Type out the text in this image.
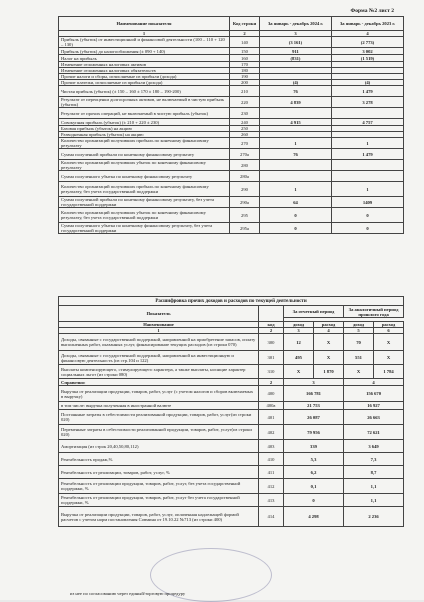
Форма №2 лист 2
Наименование показателя	Код строки	За январь - декабрь 2024 г.	За январь - декабрь 2023 г.
1	2	3	4
Прибыль (убыток) от инвестиционной и финансовой деятельности (100 – 110 + 120 – 130)	140	(3 161)	(2 773)
Прибыль (убыток) до налогообложения (± 090 + 140)	150	911	3 002
Налог на прибыль	160	(831)	(1 519)
Изменение отложенных налоговых активов	170		
Изменение отложенных налоговых обязательств	180		
Прочие налоги и сборы, исчисляемые из прибыли (дохода)	190		
Прочие платежи, исчисляемые из прибыли (дохода)	200	(4)	(4)
Чистая прибыль (убыток) (± 150 – 160 ± 170 ± 180 – 190-200)	210	76	1 479
Результат от переоценки долгосрочных активов, не включаемый в чистую прибыль (убыток)	220	4 839	3 278
Результат от прочих операций, не включаемый в чистую прибыль (убыток)	230		
Совокупная прибыль (убыток) (± 210 + 220 ± 230)	240	4 915	4 757
Базовая прибыль (убыток) на акцию	250		
Разводненная прибыль (убыток) на акцию	260		
Количество организаций получивших прибыль по конечному финансовому результату	270	1	1
Сумма полученной прибыли по конечному финансовому результату	270а	76	1 479
Количество организаций получивших убыток по конечному финансовому результату	280		
Сумма полученного убытка по конечному финансовому результату	280а		
Количество организаций получивших прибыль по конечному финансовому результату, без учета государственной поддержки	290	1	1
Сумма полученной прибыли по конечному финансовому результату, без учета государственной поддержки	290а	64	1409
Количество организаций получивших убыток по конечному финансовому результату, без учета государственной поддержки	295	0	0
Сумма полученного убытка по конечному финансовому результату, без учета государственной поддержки	295а	0	0
Расшифровка прочих доходов и расходов по текущей деятельности					
Показатель		За отчетный период		За аналогичный период прошлого года	

Наименование	код	доход	расход	доход	расход
1	2	3	4	5	6
Доходы, связанные с государственной поддержкой, направленной на приобретение запасов, оплату выполненных работ, оказанных услуг, финансирование текущих расходов (из строки 070)	300	12	X	70	X
Доходы, связанные с государственной поддержкой, направленной на инвестиционную и финансовую деятельность (из стр.104 и 122)	301	495	X	551	X
Выплаты компенсирующего, стимулирующего характера, а также выплаты, носящие характер социальных льгот (из строки 080)	310	X	1 870	X	1 784
Справочно:	2	3		4	
Выручка от реализации продукции, товаров, работ, услуг (с учетом налогов и сборов включаемых в выручку)	400	166 781		156 670	
в том числе: выручка полученная в иностранной валюте	400а	21 753		16 927	
Постоянные затраты в себестоимости реализованной продукции, товаров, работ, услуг(из строки 020)	401	26 087		26 663	
Переменные затраты в себестоимости реализованной продукции, товаров, работ, услуг(из строки 020)	402	79 956		72 621	
Амортизация (из строк 20,40,50,80,112)	403	339		3 649	
Рентабельность продаж,%	410	5,3		7,3	
Рентабельность от реализации, товаров, работ, услуг, %	411	6,2		8,7	
Рентабельность от реализации продукции, товаров, работ, услуг, без учета государственной поддержки, %	412	0,1		1,1	
Рентабельность от реализации продукции, товаров, работ, услуг без учета государственной поддержки, %	413	0		1,1	
Выручка от реализации продукции, товаров, работ, услуг, оплаченная надлежащей формой расчетов с учетом норм постановления Совмина от 19.10.22 №713 (из строки 400)	414	4 298		2 236	
из нее по согласованию через единый/торговую процедуру
